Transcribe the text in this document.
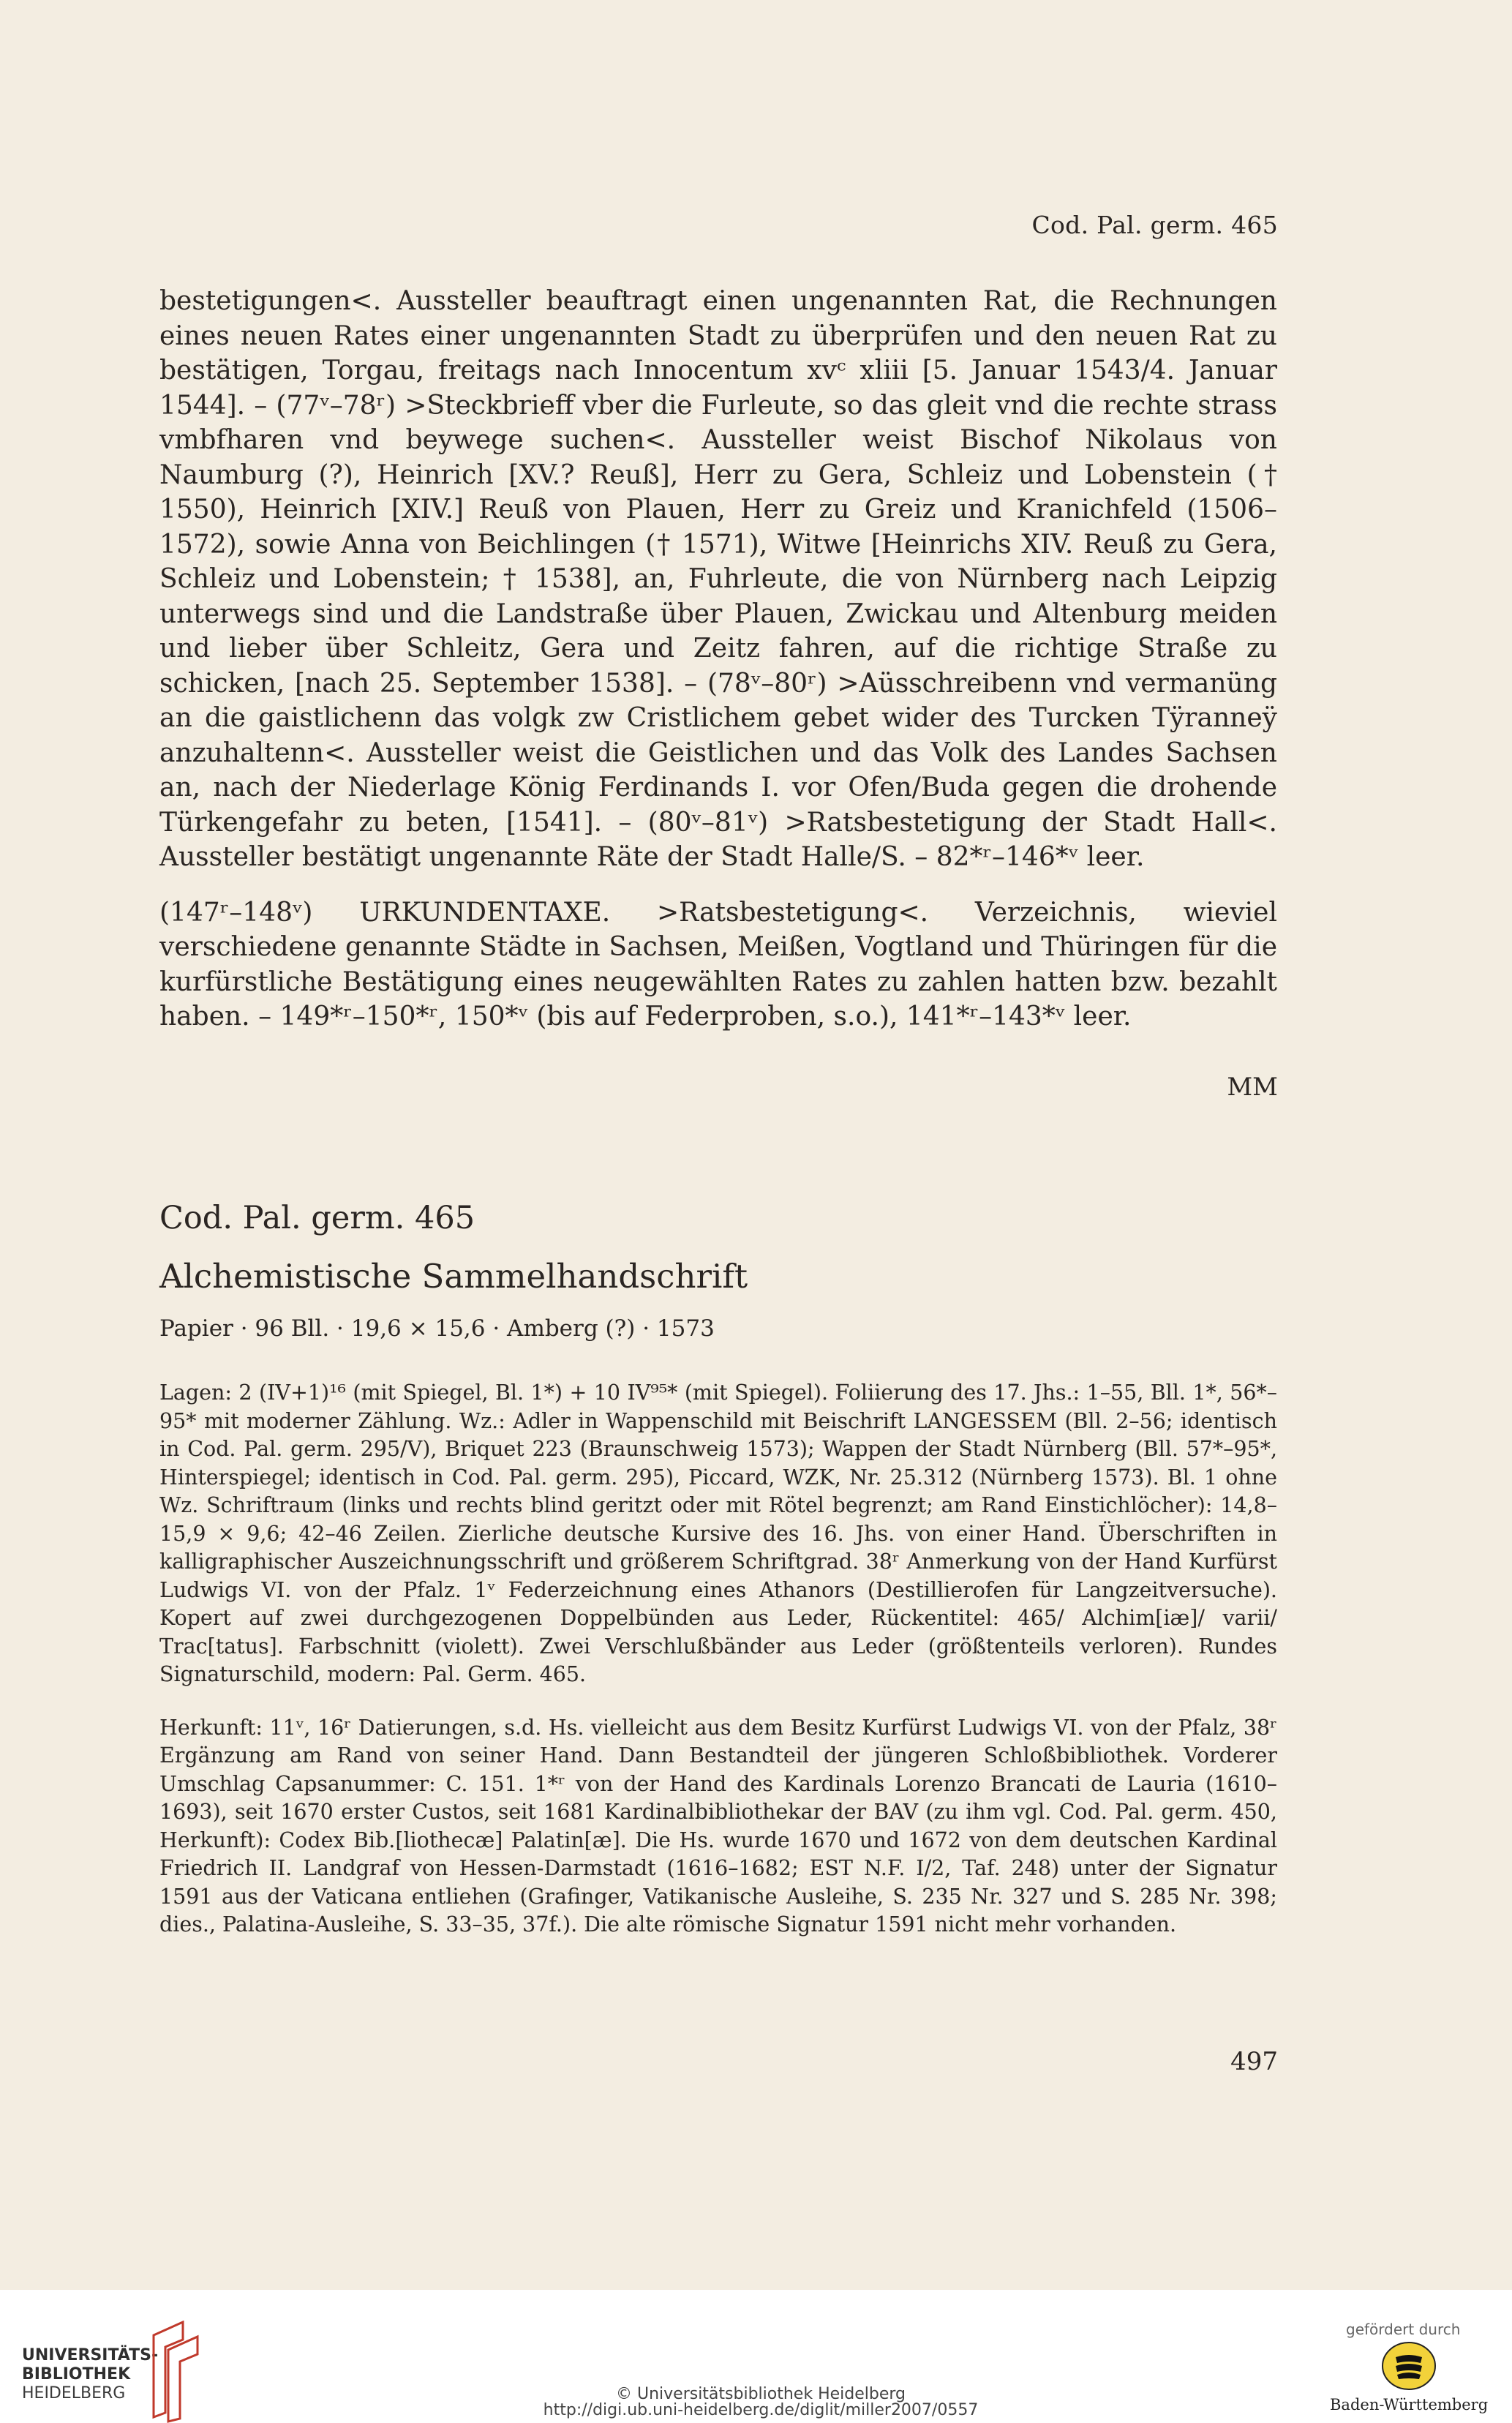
Cod. Pal. germ. 465

bestetigungen<. Aussteller beauftragt einen ungenannten Rat, die Rechnungen eines neuen Rates einer ungenannten Stadt zu überprüfen und den neuen Rat zu bestätigen, Torgau, freitags nach Innocentum xvᶜ xliii [5. Januar 1543/4. Januar 1544]. – (77ᵛ–78ʳ) >Steckbrieff vber die Furleute, so das gleit vnd die rechte strass vmbfharen vnd beywege suchen<. Aussteller weist Bischof Nikolaus von Naumburg (?), Heinrich [XV.? Reuß], Herr zu Gera, Schleiz und Lobenstein († 1550), Heinrich [XIV.] Reuß von Plauen, Herr zu Greiz und Kranichfeld (1506–1572), sowie Anna von Beichlingen († 1571), Witwe [Heinrichs XIV. Reuß zu Gera, Schleiz und Lobenstein; † 1538], an, Fuhrleute, die von Nürnberg nach Leipzig unterwegs sind und die Landstraße über Plauen, Zwickau und Altenburg meiden und lieber über Schleitz, Gera und Zeitz fahren, auf die richtige Straße zu schicken, [nach 25. September 1538]. – (78ᵛ–80ʳ) >Aüsschreibenn vnd vermanüng an die gaistlichenn das volgk zw Cristlichem gebet wider des Turcken Tÿranneÿ anzuhaltenn<. Aussteller weist die Geistlichen und das Volk des Landes Sachsen an, nach der Niederlage König Ferdinands I. vor Ofen/Buda gegen die drohende Türkengefahr zu beten, [1541]. – (80ᵛ–81ᵛ) >Ratsbestetigung der Stadt Hall<. Aussteller bestätigt ungenannte Räte der Stadt Halle/S. – 82*ʳ–146*ᵛ leer.

(147ʳ–148ᵛ) URKUNDENTAXE. >Ratsbestetigung<. Verzeichnis, wieviel verschiedene genannte Städte in Sachsen, Meißen, Vogtland und Thüringen für die kurfürstliche Bestätigung eines neugewählten Rates zu zahlen hatten bzw. bezahlt haben. – 149*ʳ–150*ʳ, 150*ᵛ (bis auf Federproben, s.o.), 141*ʳ–143*ᵛ leer.

MM
Cod. Pal. germ. 465
Alchemistische Sammelhandschrift
Papier · 96 Bll. · 19,6 × 15,6 · Amberg (?) · 1573

Lagen: 2 (IV+1)¹⁶ (mit Spiegel, Bl. 1*) + 10 IV⁹⁵* (mit Spiegel). Foliierung des 17. Jhs.: 1–55, Bll. 1*, 56*–95* mit moderner Zählung. Wz.: Adler in Wappenschild mit Beischrift LANGESSEM (Bll. 2–56; identisch in Cod. Pal. germ. 295/V), Briquet 223 (Braunschweig 1573); Wappen der Stadt Nürnberg (Bll. 57*–95*, Hinterspiegel; identisch in Cod. Pal. germ. 295), Piccard, WZK, Nr. 25.312 (Nürnberg 1573). Bl. 1 ohne Wz. Schriftraum (links und rechts blind geritzt oder mit Rötel begrenzt; am Rand Einstichlöcher): 14,8–15,9 × 9,6; 42–46 Zeilen. Zierliche deutsche Kursive des 16. Jhs. von einer Hand. Überschriften in kalligraphischer Auszeichnungsschrift und größerem Schriftgrad. 38ʳ Anmerkung von der Hand Kurfürst Ludwigs VI. von der Pfalz. 1ᵛ Federzeichnung eines Athanors (Destillierofen für Langzeitversuche). Kopert auf zwei durchgezogenen Doppelbünden aus Leder, Rückentitel: 465/ Alchim[iæ]/ varii/ Trac[tatus]. Farbschnitt (violett). Zwei Verschlußbänder aus Leder (größtenteils verloren). Rundes Signaturschild, modern: Pal. Germ. 465.

Herkunft: 11ᵛ, 16ʳ Datierungen, s.d. Hs. vielleicht aus dem Besitz Kurfürst Ludwigs VI. von der Pfalz, 38ʳ Ergänzung am Rand von seiner Hand. Dann Bestandteil der jüngeren Schloßbibliothek. Vorderer Umschlag Capsanummer: C. 151. 1*ʳ von der Hand des Kardinals Lorenzo Brancati de Lauria (1610–1693), seit 1670 erster Custos, seit 1681 Kardinalbibliothekar der BAV (zu ihm vgl. Cod. Pal. germ. 450, Herkunft): Codex Bib.[liothecæ] Palatin[æ]. Die Hs. wurde 1670 und 1672 von dem deutschen Kardinal Friedrich II. Landgraf von Hessen-Darmstadt (1616–1682; EST N.F. I/2, Taf. 248) unter der Signatur 1591 aus der Vaticana entliehen (Grafinger, Vatikanische Ausleihe, S. 235 Nr. 327 und S. 285 Nr. 398; dies., Palatina-Ausleihe, S. 33–35, 37f.). Die alte römische Signatur 1591 nicht mehr vorhanden.

497
UNIVERSITÄTS-
BIBLIOTHEK
HEIDELBERG	© Universitätsbibliothek Heidelberg
http://digi.ub.uni-heidelberg.de/diglit/miller2007/0557
gefördert durch
Baden-Württemberg
